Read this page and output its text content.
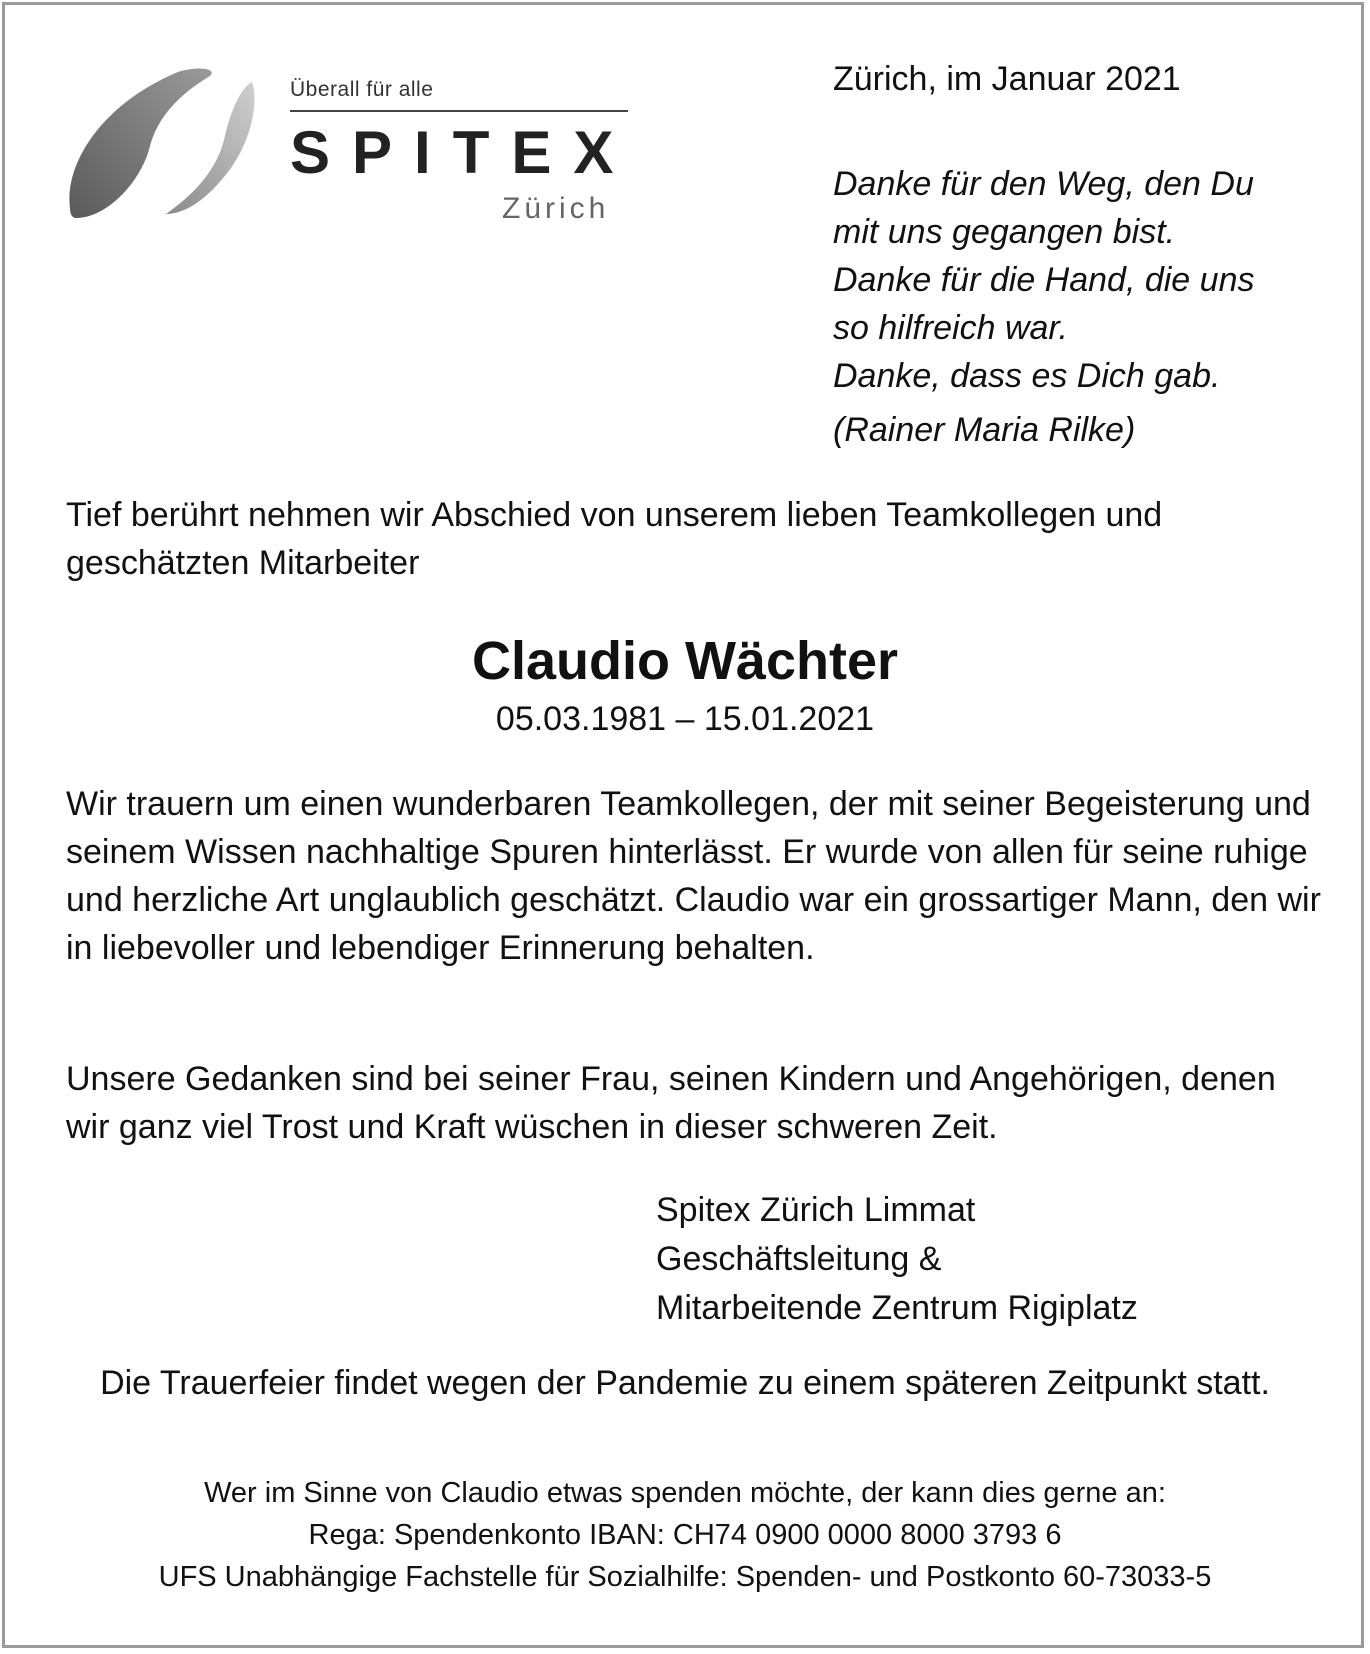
Überall für alle
SPITEX
Zürich
Zürich, im Januar 2021
Danke für den Weg, den Du
mit uns gegangen bist.
Danke für die Hand, die uns
so hilfreich war.
Danke, dass es Dich gab.
(Rainer Maria Rilke)
Tief berührt nehmen wir Abschied von unserem lieben Teamkollegen und geschätzten Mitarbeiter
Claudio Wächter
05.03.1981 – 15.01.2021
Wir trauern um einen wunderbaren Teamkollegen, der mit seiner Begeisterung und seinem Wissen nachhaltige Spuren hinterlässt. Er wurde von allen für seine ruhige und herzliche Art unglaublich geschätzt. Claudio war ein grossartiger Mann, den wir in liebevoller und lebendiger Erinnerung behalten.
Unsere Gedanken sind bei seiner Frau, seinen Kindern und Angehörigen, denen wir ganz viel Trost und Kraft wüschen in dieser schweren Zeit.
Spitex Zürich Limmat
Geschäftsleitung &
Mitarbeitende Zentrum Rigiplatz
Die Trauerfeier findet wegen der Pandemie zu einem späteren Zeitpunkt statt.
Wer im Sinne von Claudio etwas spenden möchte, der kann dies gerne an:
Rega: Spendenkonto IBAN: CH74 0900 0000 8000 3793 6
UFS Unabhängige Fachstelle für Sozialhilfe: Spenden- und Postkonto 60-73033-5
